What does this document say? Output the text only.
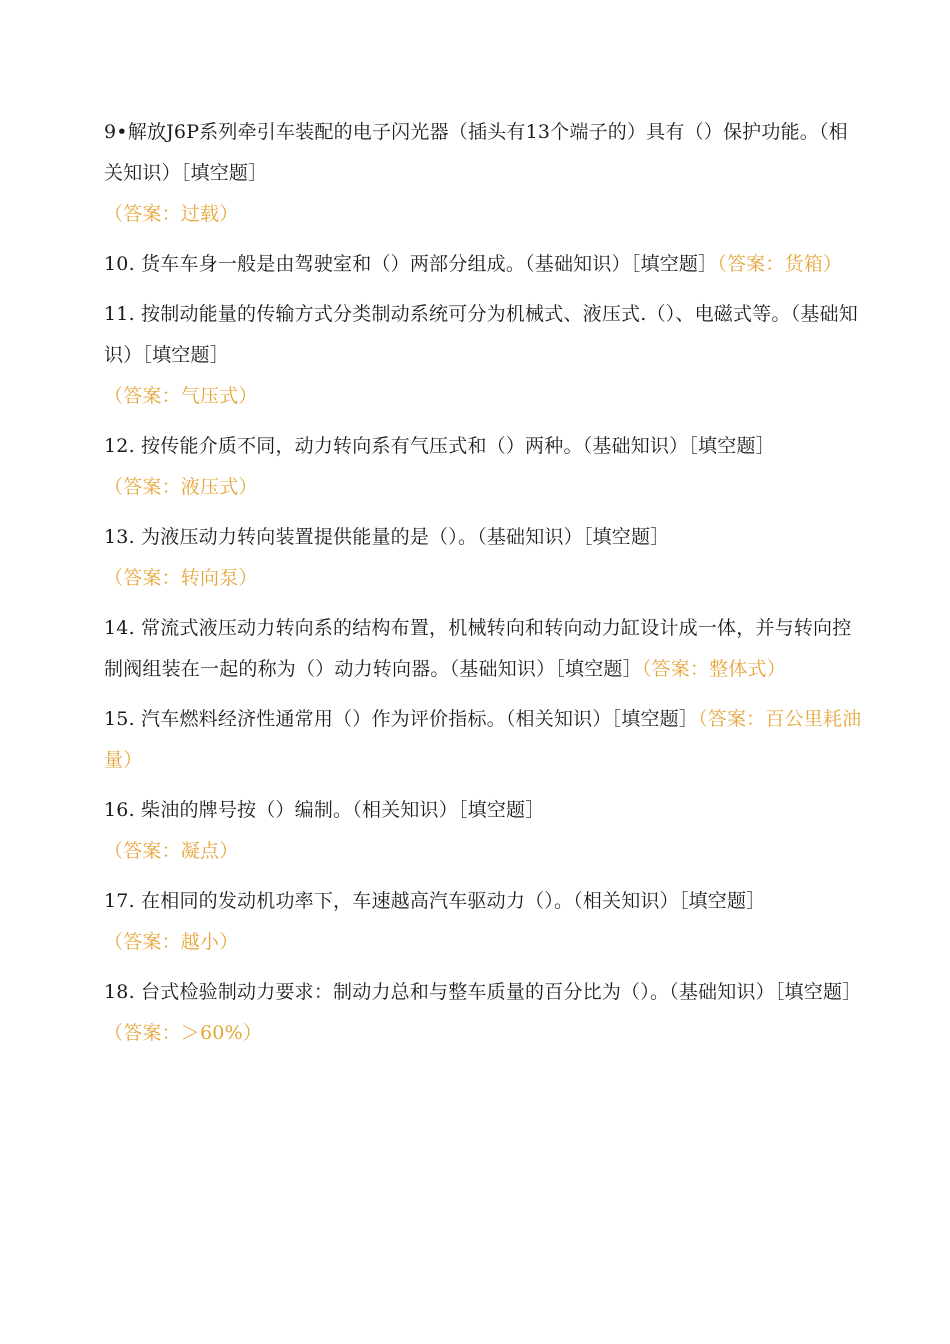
9•解放J6P系列牵引车装配的电子闪光器（插头有13个端子的）具有（）保护功能。（相关知识）［填空题］
（答案：过载）

10. 货车车身一般是由驾驶室和（）两部分组成。（基础知识）［填空题］（答案：货箱）

11. 按制动能量的传输方式分类制动系统可分为机械式、液压式.（）、电磁式等。（基础知识）［填空题］
（答案：气压式）

12. 按传能介质不同，动力转向系有气压式和（）两种。（基础知识）［填空题］
（答案：液压式）

13. 为液压动力转向装置提供能量的是（）。（基础知识）［填空题］
（答案：转向泵）

14. 常流式液压动力转向系的结构布置，机械转向和转向动力缸设计成一体，并与转向控制阀组装在一起的称为（）动力转向器。（基础知识）［填空题］（答案：整体式）

15. 汽车燃料经济性通常用（）作为评价指标。（相关知识）［填空题］（答案：百公里耗油量）

16. 柴油的牌号按（）编制。（相关知识）［填空题］
（答案：凝点）

17. 在相同的发动机功率下，车速越高汽车驱动力（）。（相关知识）［填空题］
（答案：越小）

18. 台式检验制动力要求：制动力总和与整车质量的百分比为（）。（基础知识）［填空题］
（答案：＞60%）
